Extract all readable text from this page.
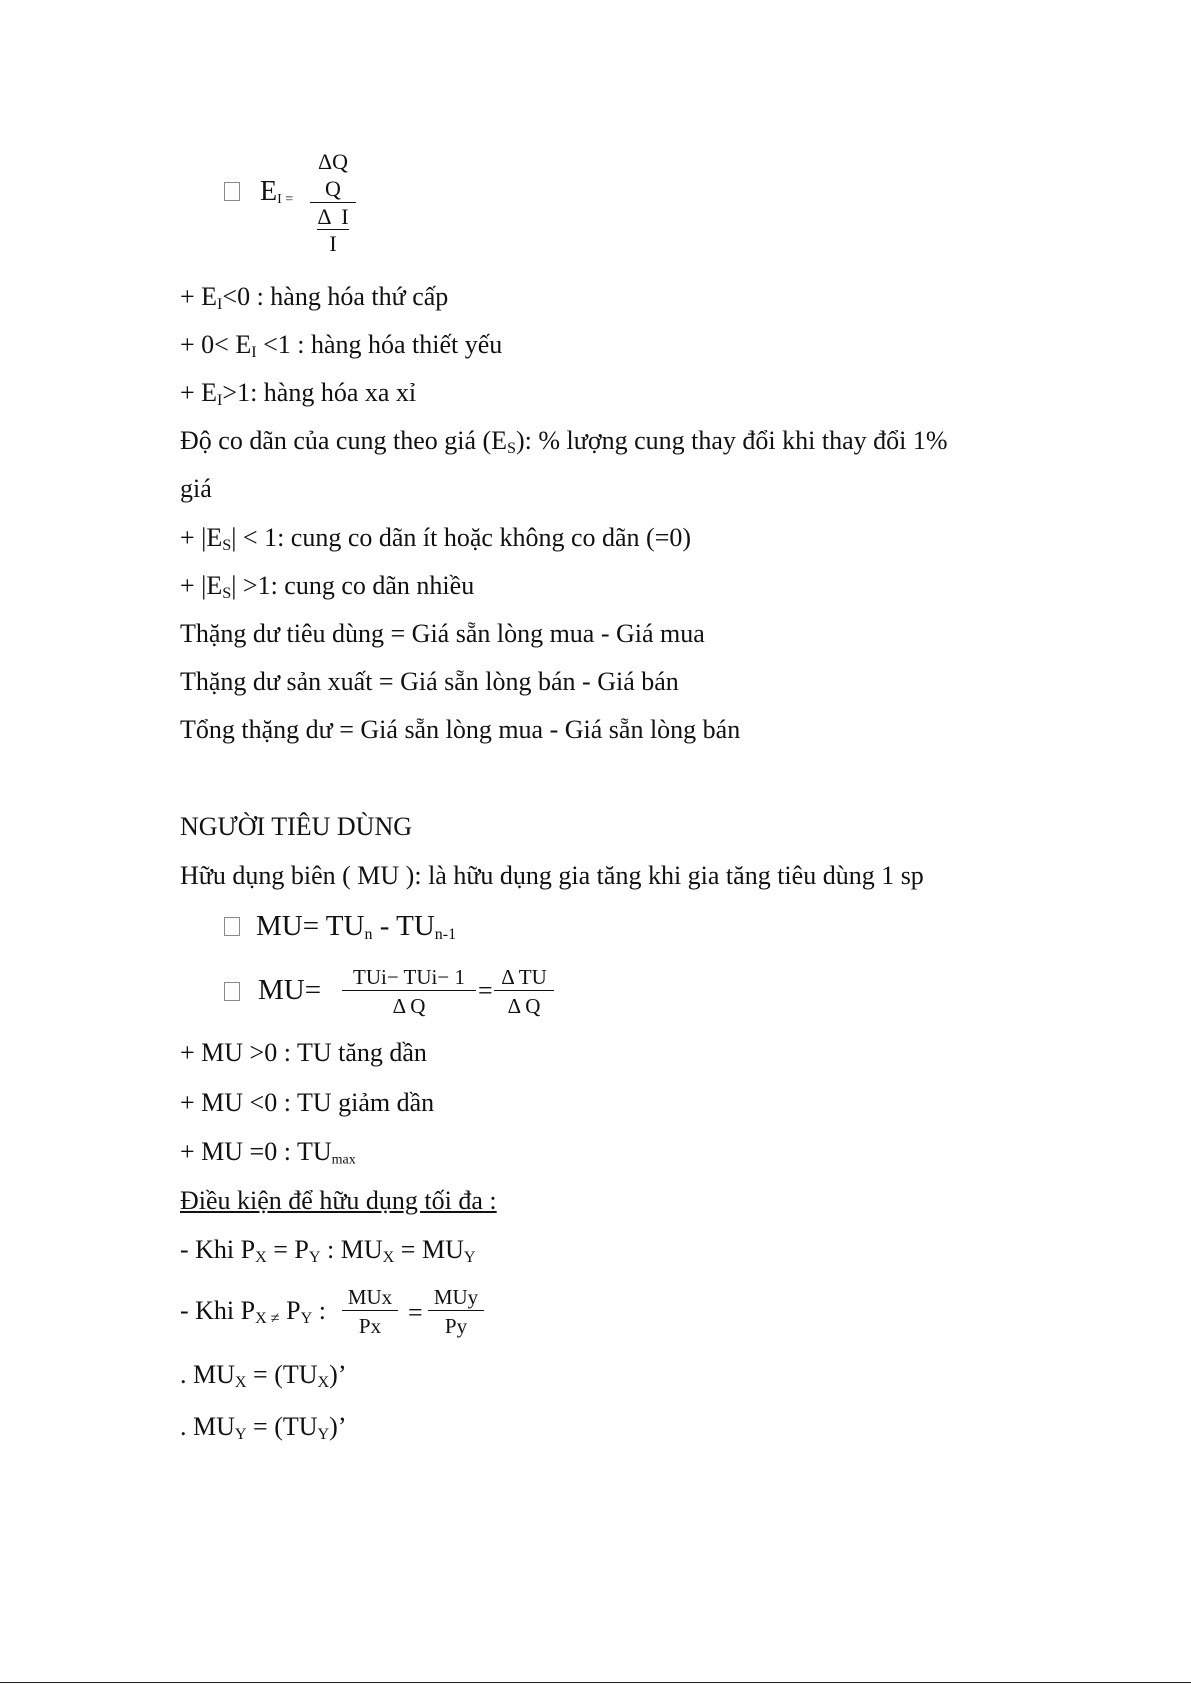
EI =
ΔQ
Q
Δ  I
I
+ $E_I<0$ : hàng hóa thứ cấp
+ $0< E_I <1$ : hàng hóa thiết yếu
+ $E_I>1$: hàng hóa xa xỉ
Độ co dãn của cung theo giá $(E_S)$: % lượng cung thay đổi khi thay đổi 1%
giá
+ $|E_S| < 1$: cung co dãn ít hoặc không co dãn (=0)
+ $|E_S| >1$: cung co dãn nhiều
Thặng dư tiêu dùng = Giá sẵn lòng mua - Giá mua
Thặng dư sản xuất = Giá sẵn lòng bán - Giá bán
Tổng thặng dư = Giá sẵn lòng mua - Giá sẵn lòng bán
NGƯỜI TIÊU DÙNG
Hữu dụng biên ( MU ): là hữu dụng gia tăng khi gia tăng tiêu dùng 1 sp
$MU= TU_n - TU_{n-1}$
MU=	TUi− TUi− 1
Δ Q
= $\frac{\text{Δ TU}}{\text{Δ Q}}$
+ MU >0 : TU tăng dần
+ MU <0 : TU giảm dần
+ MU =0 : $TU_{max}$
Điều kiện để hữu dụng tối đa :
- Khi $P_X = P_Y$ : $MU_X = MU_Y$
- Khi $P_{X \ne}$ $P_Y$ : MUx
Px	=
MUy
Py
. $MU_X = (TU_X)$’
. $MU_Y = (TU_Y)$’
